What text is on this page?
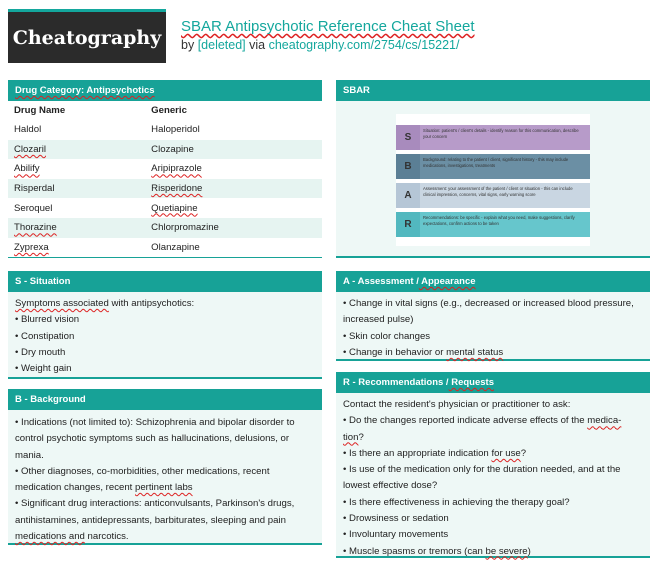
Cheatography SBAR Antipsychotic Reference Cheat Sheet
by [deleted] via cheatography.com/2754/cs/15221/
Drug Category: Antipsychotics
Drug Name	Generic
Haldol	Haloperidol
Clozaril	Clozapine
Abilify	Aripiprazole
Risperdal	Risperidone
Seroquel	Quetiapine
Thorazine	Chlorpromazine
Zyprexa	Olanzapine
S - Situation
Symptoms associated with antipsychotics:
• Blurred vision
• Constipation
• Dry mouth
• Weight gain
B - Background
• Indications (not limited to): Schizophrenia and bipolar disorder to
control psychotic symptoms such as hallucinations, delusions, or
mania.
• Other diagnoses, co-morbidities, other medications, recent
medication changes, recent pertinent labs
• Significant drug interactions: anticonvulsants, Parkinson's drugs,
antihistamines, antidepressants, barbiturates, sleeping and pain
medications and narcotics.
SBAR
S
Situation: patient's / client's details - identify reason for this communication, describe your concern
B
Background: relating to the patient / client, significant history - this may include medications, investigations, treatments
A
Assessment: your assessment of the patient / client or situation - this can include clinical impression, concerns, vital signs, early warning score
R
Recommendations: be specific - explain what you need, make suggestions, clarify expectations, confirm actions to be taken
A - Assessment / Appearance
• Change in vital signs (e.g., decreased or increased blood pressure,
increased pulse)
• Skin color changes
• Change in behavior or mental status
R - Recommendations / Requests
Contact the resident's physician or practitioner to ask:
• Do the changes reported indicate adverse effects of the medica-
tion?
• Is there an appropriate indication for use?
• Is use of the medication only for the duration needed, and at the
lowest effective dose?
• Is there effectiveness in achieving the therapy goal?
• Drowsiness or sedation
• Involuntary movements
• Muscle spasms or tremors (can be severe)
